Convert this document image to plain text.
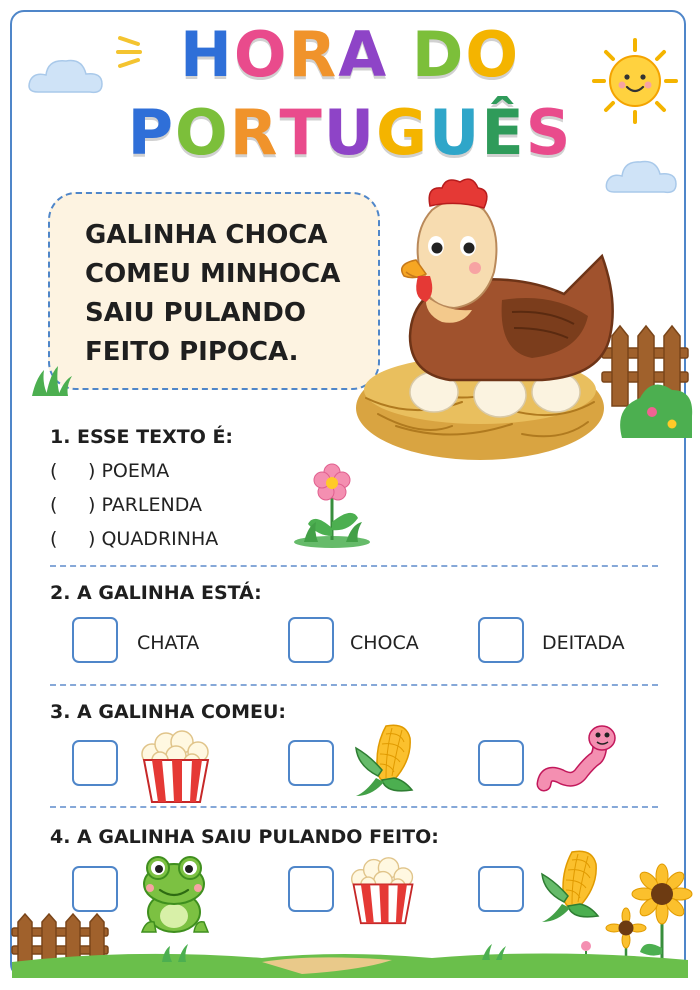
HORA DO
PORTUGUÊS
GALINHA CHOCA
COMEU MINHOCA
SAIU PULANDO
FEITO PIPOCA.
1. ESSE TEXTO É:
( ) POEMA
( ) PARLENDA
( ) QUADRINHA
2. A GALINHA ESTÁ:
CHATA	CHOCA	DEITADA
3. A GALINHA COMEU:
4. A GALINHA SAIU PULANDO FEITO:
